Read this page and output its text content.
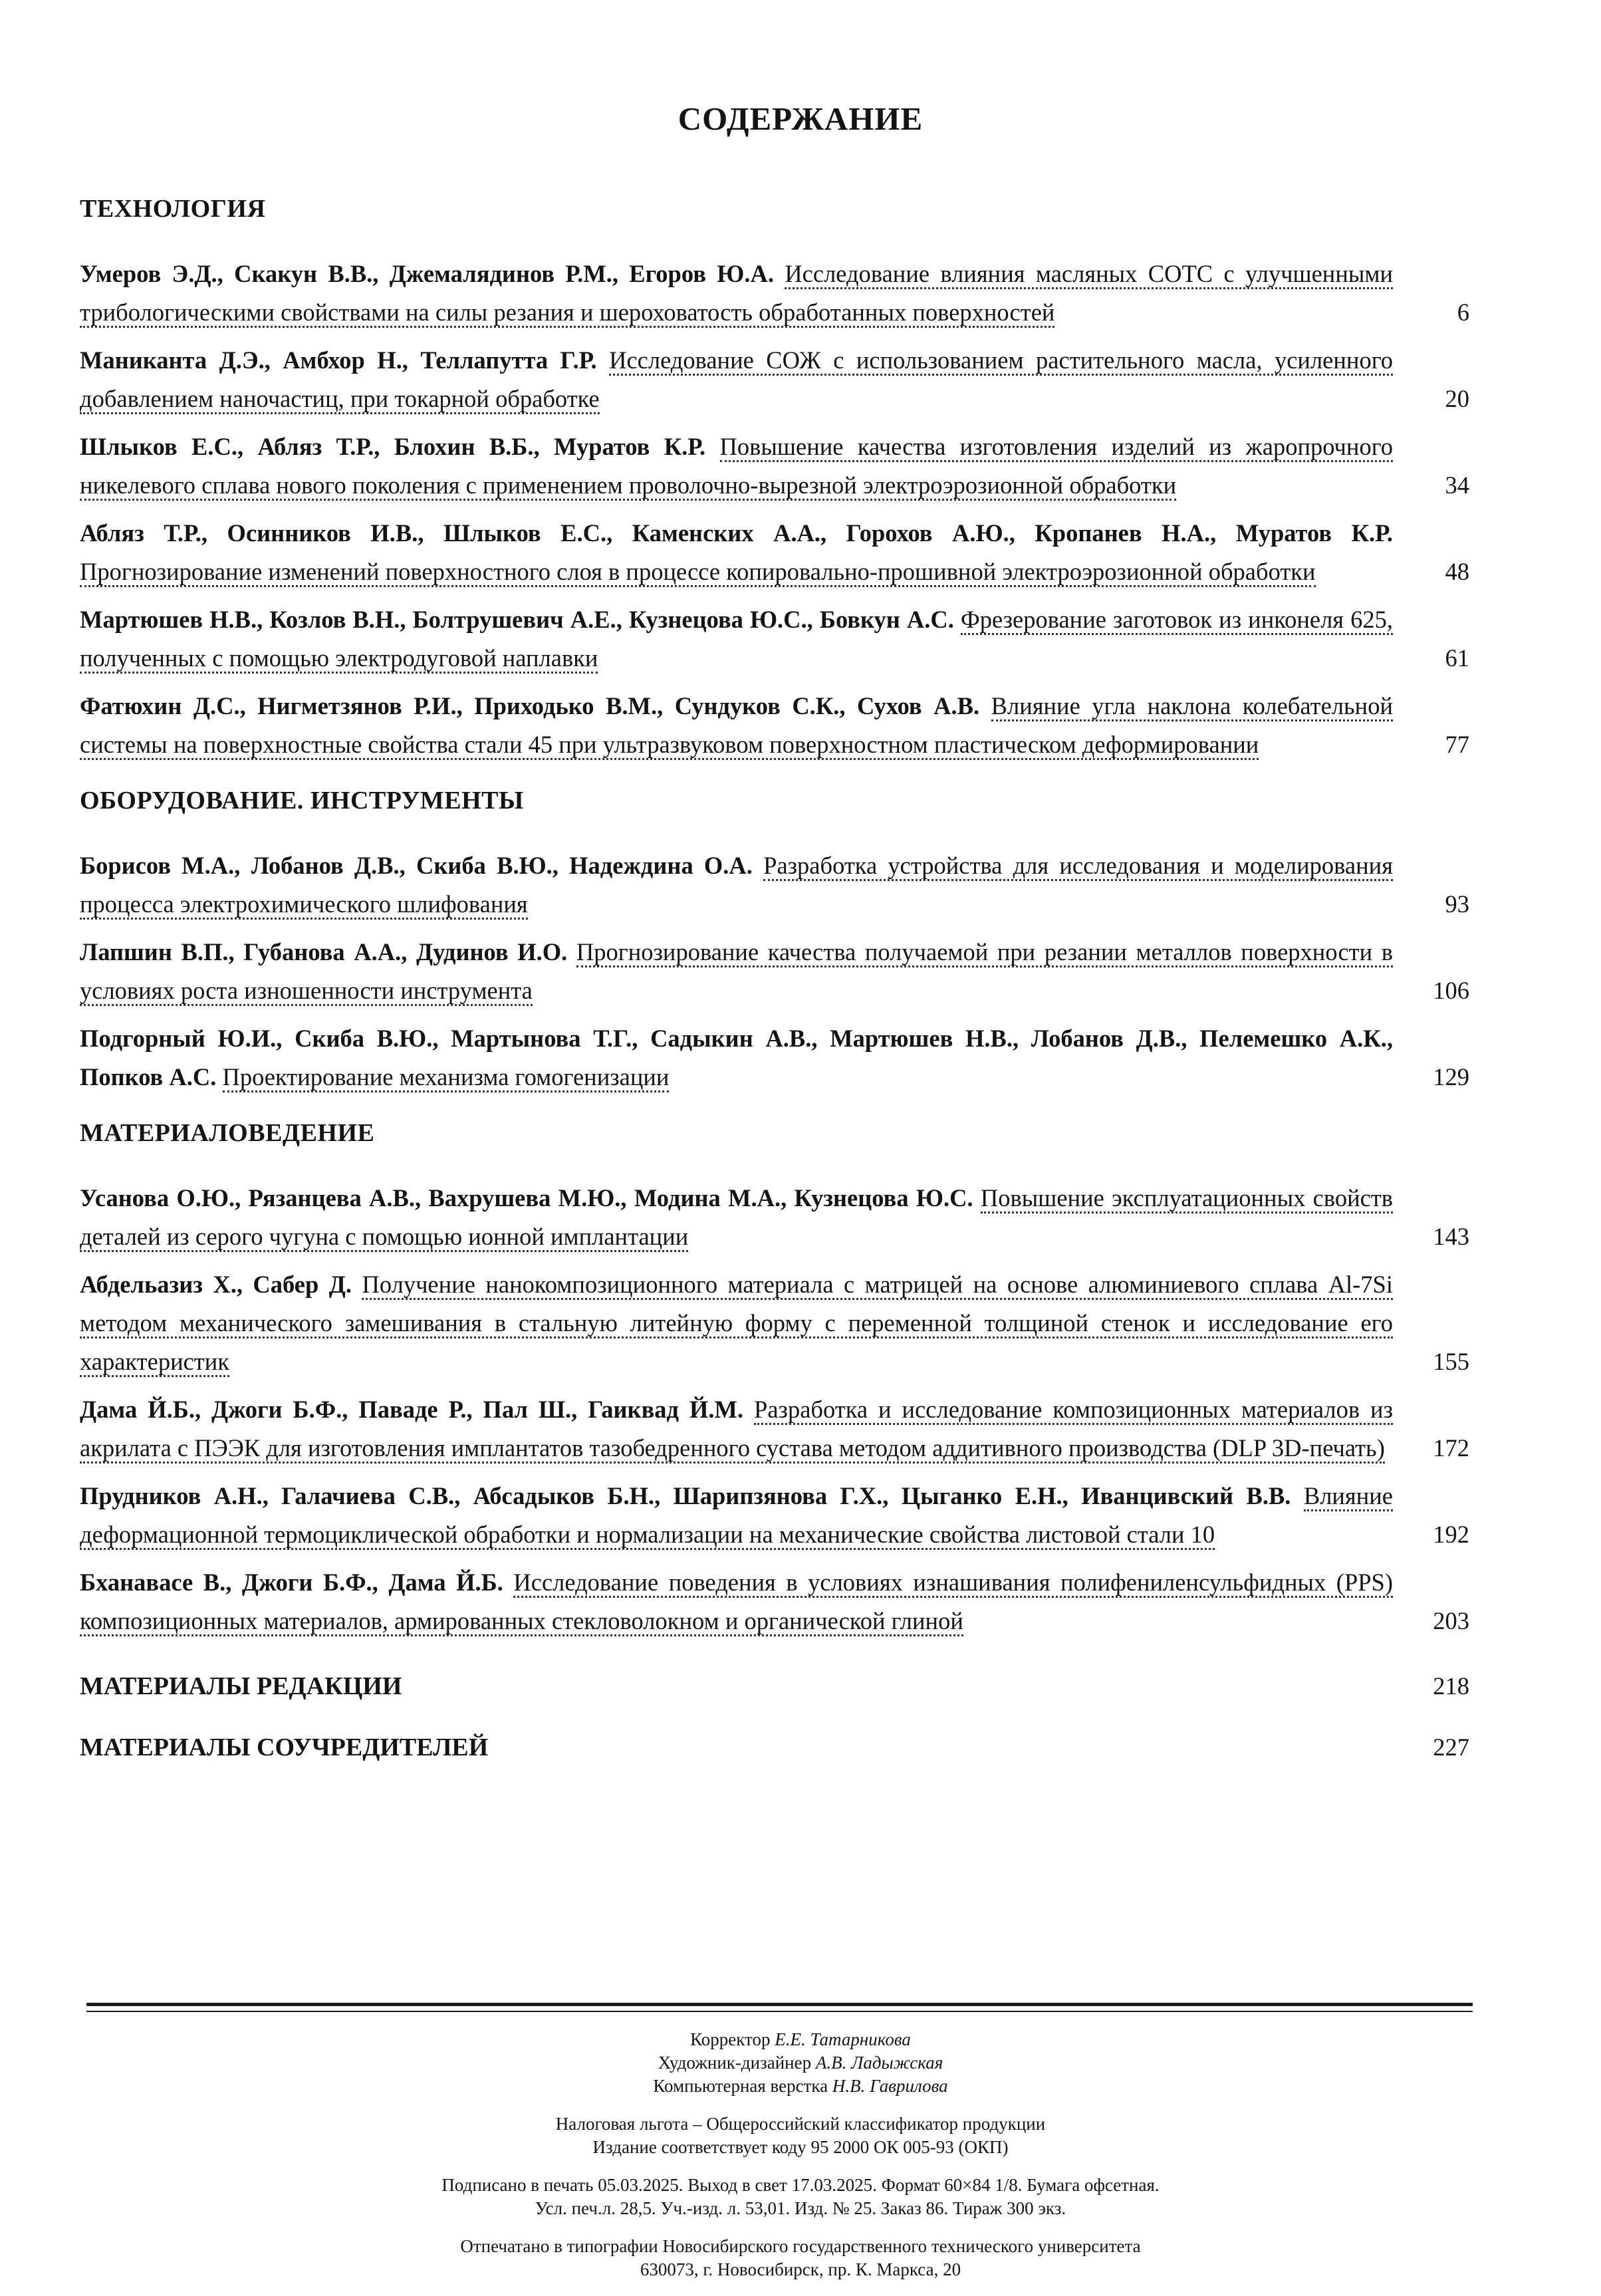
СОДЕРЖАНИЕ
ТЕХНОЛОГИЯ
Умеров Э.Д., Скакун В.В., Джемалядинов Р.М., Егоров Ю.А. Исследование влияния масляных СОТС с улучшенными трибологическими свойствами на силы резания и шероховатость обработанных поверхностей	6
Маниканта Д.Э., Амбхор Н., Теллапутта Г.Р. Исследование СОЖ с использованием растительного масла, усиленного добавлением наночастиц, при токарной обработке	20
Шлыков Е.С., Абляз Т.Р., Блохин В.Б., Муратов К.Р. Повышение качества изготовления изделий из жаропрочного никелевого сплава нового поколения с применением проволочно-вырезной электроэрозионной обработки	34
Абляз Т.Р., Осинников И.В., Шлыков Е.С., Каменских А.А., Горохов А.Ю., Кропанев Н.А., Муратов К.Р. Прогнозирование изменений поверхностного слоя в процессе копировально-прошивной электроэрозионной обработки	48
Мартюшев Н.В., Козлов В.Н., Болтрушевич А.Е., Кузнецова Ю.С., Бовкун А.С. Фрезерование заготовок из инконеля 625, полученных с помощью электродуговой наплавки	61
Фатюхин Д.С., Нигметзянов Р.И., Приходько В.М., Сундуков С.К., Сухов А.В. Влияние угла наклона колебательной системы на поверхностные свойства стали 45 при ультразвуковом поверхностном пластическом деформировании	77
ОБОРУДОВАНИЕ. ИНСТРУМЕНТЫ
Борисов М.А., Лобанов Д.В., Скиба В.Ю., Надеждина О.А. Разработка устройства для исследования и моделирования процесса электрохимического шлифования	93
Лапшин В.П., Губанова А.А., Дудинов И.О. Прогнозирование качества получаемой при резании металлов поверхности в условиях роста изношенности инструмента	106
Подгорный Ю.И., Скиба В.Ю., Мартынова Т.Г., Садыкин А.В., Мартюшев Н.В., Лобанов Д.В., Пелемешко А.К., Попков А.С. Проектирование механизма гомогенизации	129
МАТЕРИАЛОВЕДЕНИЕ
Усанова О.Ю., Рязанцева А.В., Вахрушева М.Ю., Модина М.А., Кузнецова Ю.С. Повышение эксплуатационных свойств деталей из серого чугуна с помощью ионной имплантации	143
Абдельазиз Х., Сабер Д. Получение нанокомпозиционного материала с матрицей на основе алюминиевого сплава Al-7Si методом механического замешивания в стальную литейную форму с переменной толщиной стенок и исследование его характеристик	155
Дама Й.Б., Джоги Б.Ф., Паваде Р., Пал Ш., Гаиквад Й.М. Разработка и исследование композиционных материалов из акрилата с ПЭЭК для изготовления имплантатов тазобедренного сустава методом аддитивного производства (DLP 3D-печать)	172
Прудников А.Н., Галачиева С.В., Абсадыков Б.Н., Шарипзянова Г.Х., Цыганко Е.Н., Иванцивский В.В. Влияние деформационной термоциклической обработки и нормализации на механические свойства листовой стали 10	192
Бханавасе В., Джоги Б.Ф., Дама Й.Б. Исследование поведения в условиях изнашивания полифениленсульфидных (PPS) композиционных материалов, армированных стекловолокном и органической глиной	203
МАТЕРИАЛЫ РЕДАКЦИИ	218
МАТЕРИАЛЫ СОУЧРЕДИТЕЛЕЙ	227
Корректор Е.Е. Татарникова
Художник-дизайнер А.В. Ладыжская
Компьютерная верстка Н.В. Гаврилова
Налоговая льгота – Общероссийский классификатор продукции
Издание соответствует коду 95 2000 ОК 005-93 (ОКП)
Подписано в печать 05.03.2025. Выход в свет 17.03.2025. Формат 60×84 1/8. Бумага офсетная.
Усл. печ.л. 28,5. Уч.-изд. л. 53,01. Изд. № 25. Заказ 86. Тираж 300 экз.
Отпечатано в типографии Новосибирского государственного технического университета
630073, г. Новосибирск, пр. К. Маркса, 20
